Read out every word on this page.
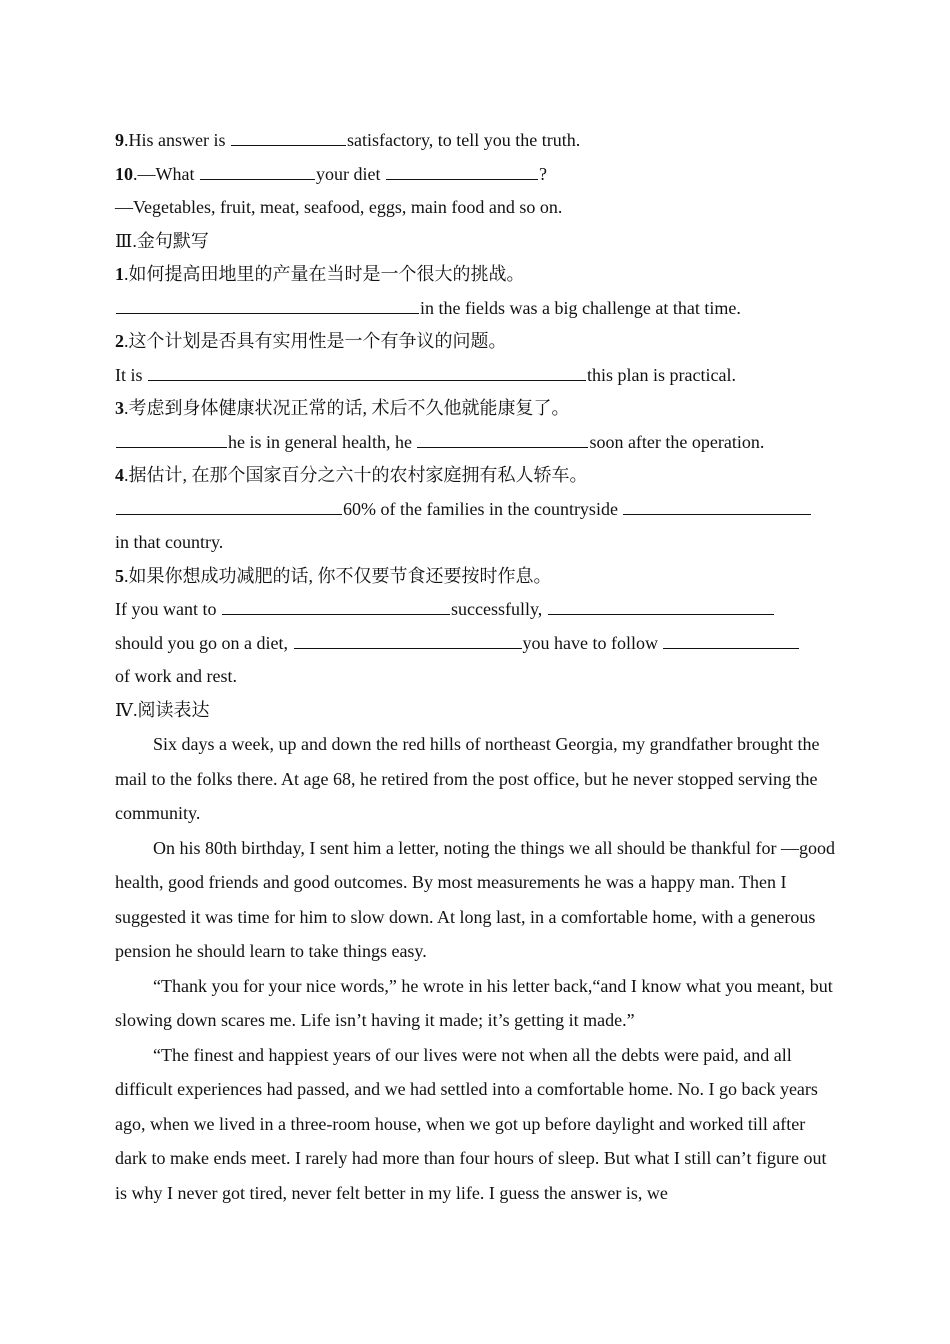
9.His answer is	satisfactory, to tell you the truth.
10.—What	your diet	?
—Vegetables, fruit, meat, seafood, eggs, main food and so on.
Ⅲ.金句默写
1.如何提高田地里的产量在当时是一个很大的挑战。
in the fields was a big challenge at that time.
2.这个计划是否具有实用性是一个有争议的问题。
It is	this plan is practical.
3.考虑到身体健康状况正常的话, 术后不久他就能康复了。
he is in general health, he	soon after the operation.
4.据估计, 在那个国家百分之六十的农村家庭拥有私人轿车。
60% of the families in the countryside
in that country.
5.如果你想成功减肥的话, 你不仅要节食还要按时作息。
If you want to	successfully,
should you go on a diet,	you have to follow
of work and rest.
Ⅳ.阅读表达
Six days a week, up and down the red hills of northeast Georgia, my grandfather brought the mail to the folks there. At age 68, he retired from the post office, but he never stopped serving the community.
On his 80th birthday, I sent him a letter, noting the things we all should be thankful for —good health, good friends and good outcomes. By most measurements he was a happy man. Then I suggested it was time for him to slow down. At long last, in a comfortable home, with a generous pension he should learn to take things easy.
“Thank you for your nice words,” he wrote in his letter back,“and I know what you meant, but slowing down scares me. Life isn’t having it made; it’s getting it made.”
“The finest and happiest years of our lives were not when all the debts were paid, and all difficult experiences had passed, and we had settled into a comfortable home. No. I go back years ago, when we lived in a three-room house, when we got up before daylight and worked till after dark to make ends meet. I rarely had more than four hours of sleep. But what I still can’t figure out is why I never got tired, never felt better in my life. I guess the answer is, we
